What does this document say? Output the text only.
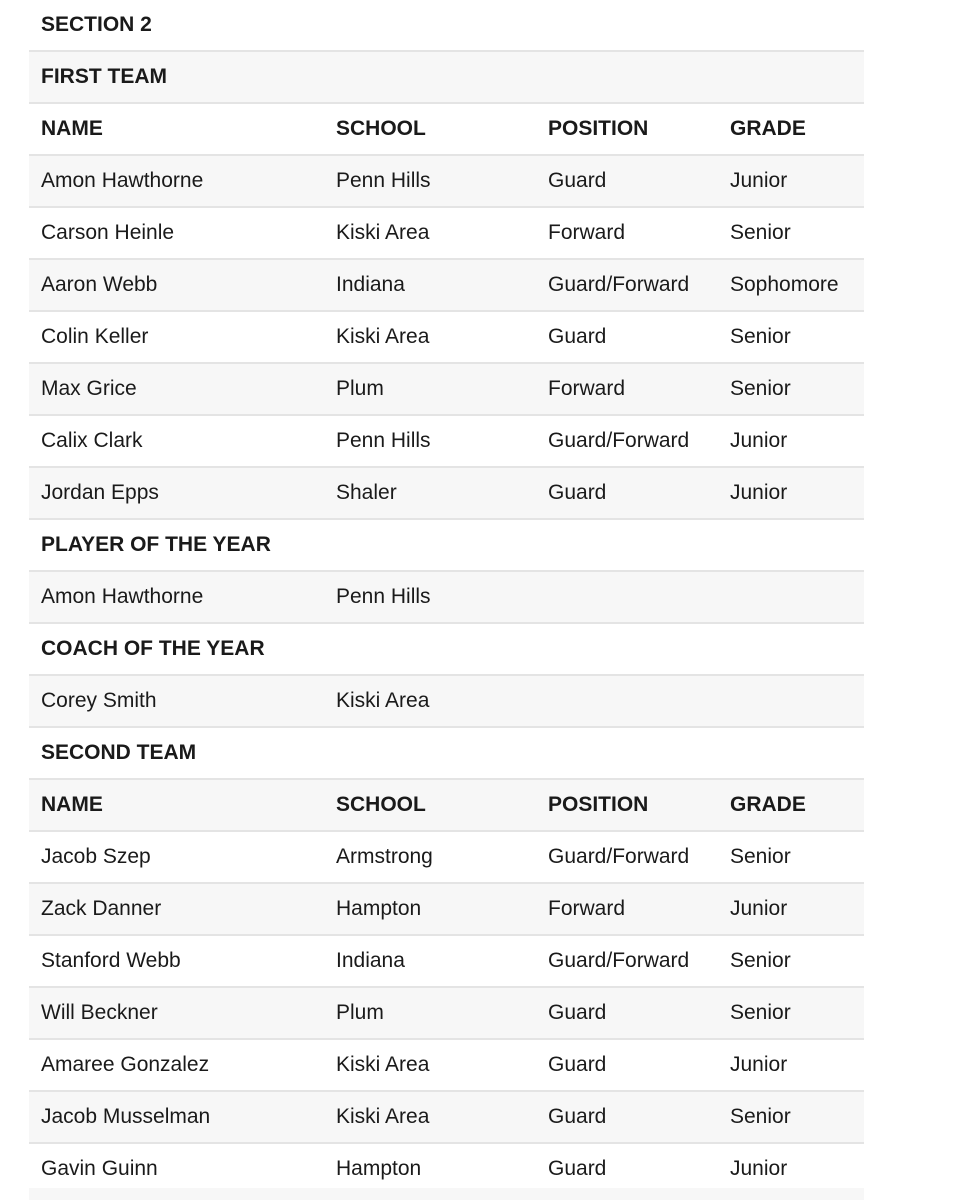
SECTION 2
FIRST TEAM
NAME	SCHOOL	POSITION	GRADE
Amon Hawthorne	Penn Hills	Guard	Junior
Carson Heinle	Kiski Area	Forward	Senior
Aaron Webb	Indiana	Guard/Forward	Sophomore
Colin Keller	Kiski Area	Guard	Senior
Max Grice	Plum	Forward	Senior
Calix Clark	Penn Hills	Guard/Forward	Junior
Jordan Epps	Shaler	Guard	Junior
PLAYER OF THE YEAR
Amon Hawthorne	Penn Hills
COACH OF THE YEAR
Corey Smith	Kiski Area
SECOND TEAM
NAME	SCHOOL	POSITION	GRADE
Jacob Szep	Armstrong	Guard/Forward	Senior
Zack Danner	Hampton	Forward	Junior
Stanford Webb	Indiana	Guard/Forward	Senior
Will Beckner	Plum	Guard	Senior
Amaree Gonzalez	Kiski Area	Guard	Junior
Jacob Musselman	Kiski Area	Guard	Senior
Gavin Guinn	Hampton	Guard	Junior
